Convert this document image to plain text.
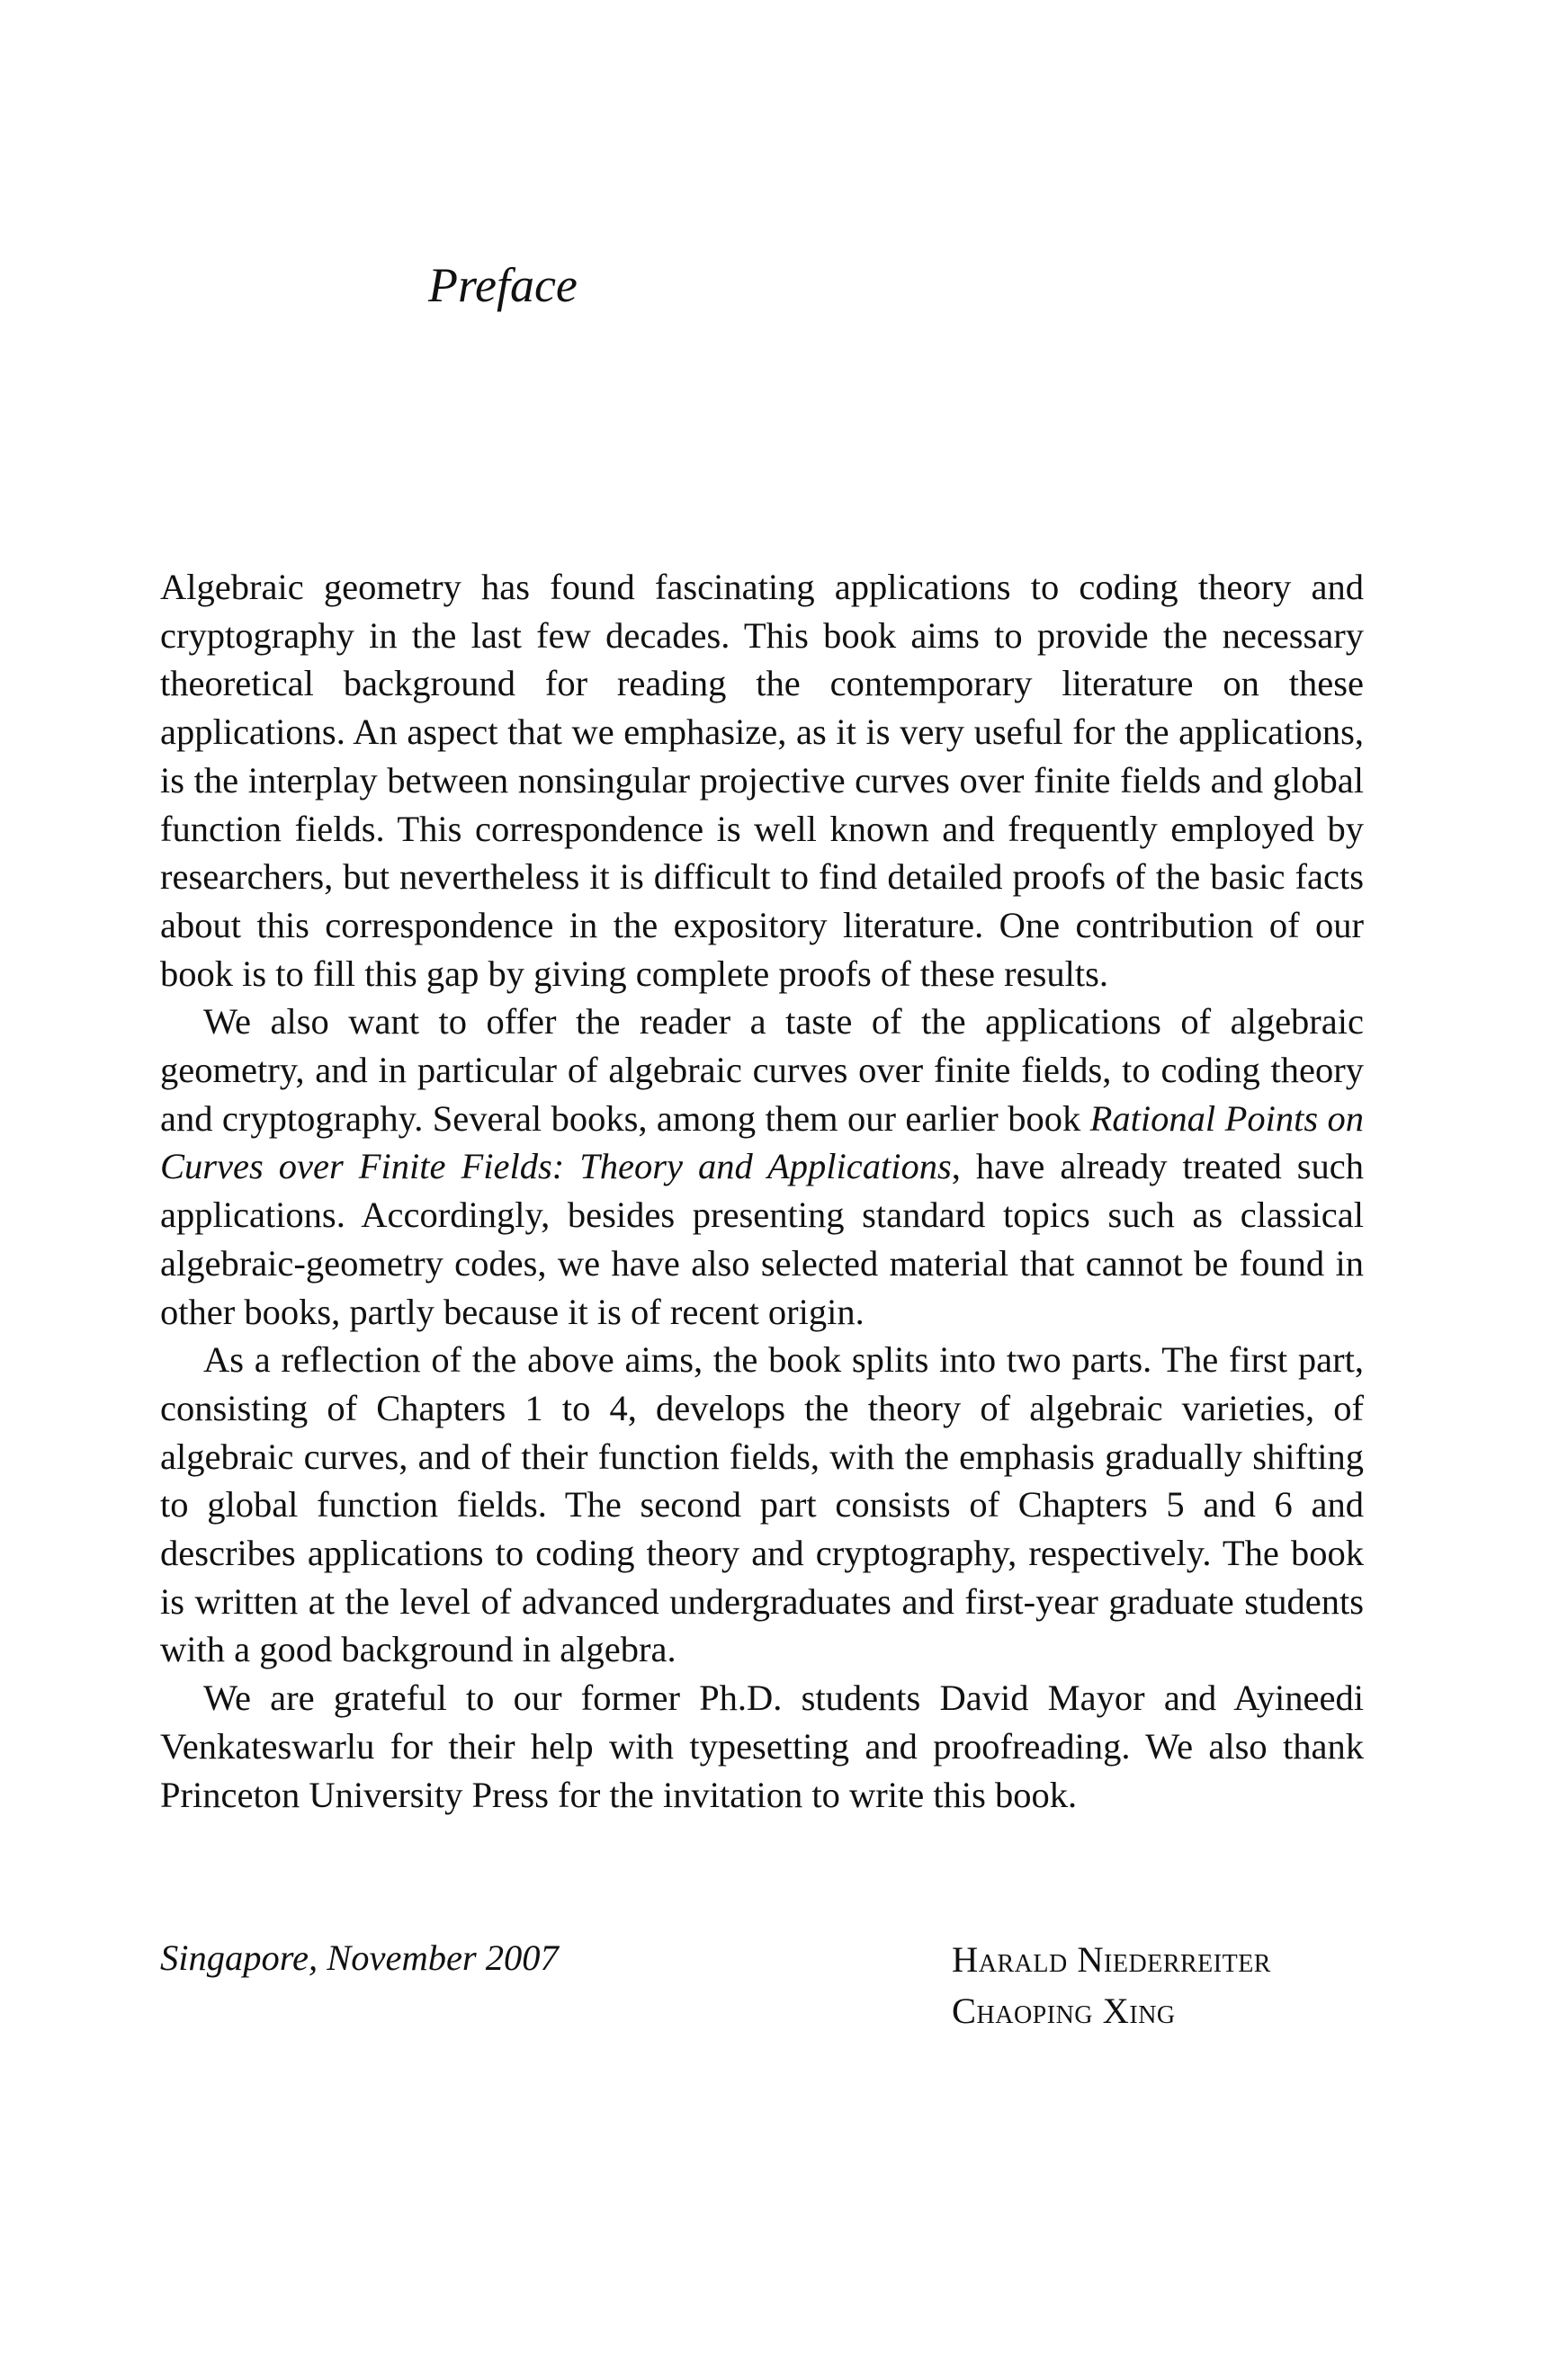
Preface

Algebraic geometry has found fascinating applications to coding theory and cryptography in the last few decades. This book aims to provide the necessary theoretical background for reading the contemporary literature on these applications. An aspect that we emphasize, as it is very useful for the applications, is the interplay between nonsingular projective curves over finite fields and global function fields. This correspondence is well known and frequently employed by researchers, but nevertheless it is difficult to find detailed proofs of the basic facts about this correspondence in the expository literature. One contribution of our book is to fill this gap by giving complete proofs of these results.

We also want to offer the reader a taste of the applications of algebraic geometry, and in particular of algebraic curves over finite fields, to coding theory and cryptography. Several books, among them our earlier book Rational Points on Curves over Finite Fields: Theory and Applications, have already treated such applications. Accordingly, besides presenting standard topics such as classical algebraic-geometry codes, we have also selected material that cannot be found in other books, partly because it is of recent origin.

As a reflection of the above aims, the book splits into two parts. The first part, consisting of Chapters 1 to 4, develops the theory of algebraic varieties, of algebraic curves, and of their function fields, with the emphasis gradually shifting to global function fields. The second part consists of Chapters 5 and 6 and describes applications to coding theory and cryptography, respectively. The book is written at the level of advanced undergraduates and first-year graduate students with a good background in algebra.

We are grateful to our former Ph.D. students David Mayor and Ayineedi Venkateswarlu for their help with typesetting and proofreading. We also thank Princeton University Press for the invitation to write this book.

Singapore, November 2007	Harald Niederreiter
Chaoping Xing
